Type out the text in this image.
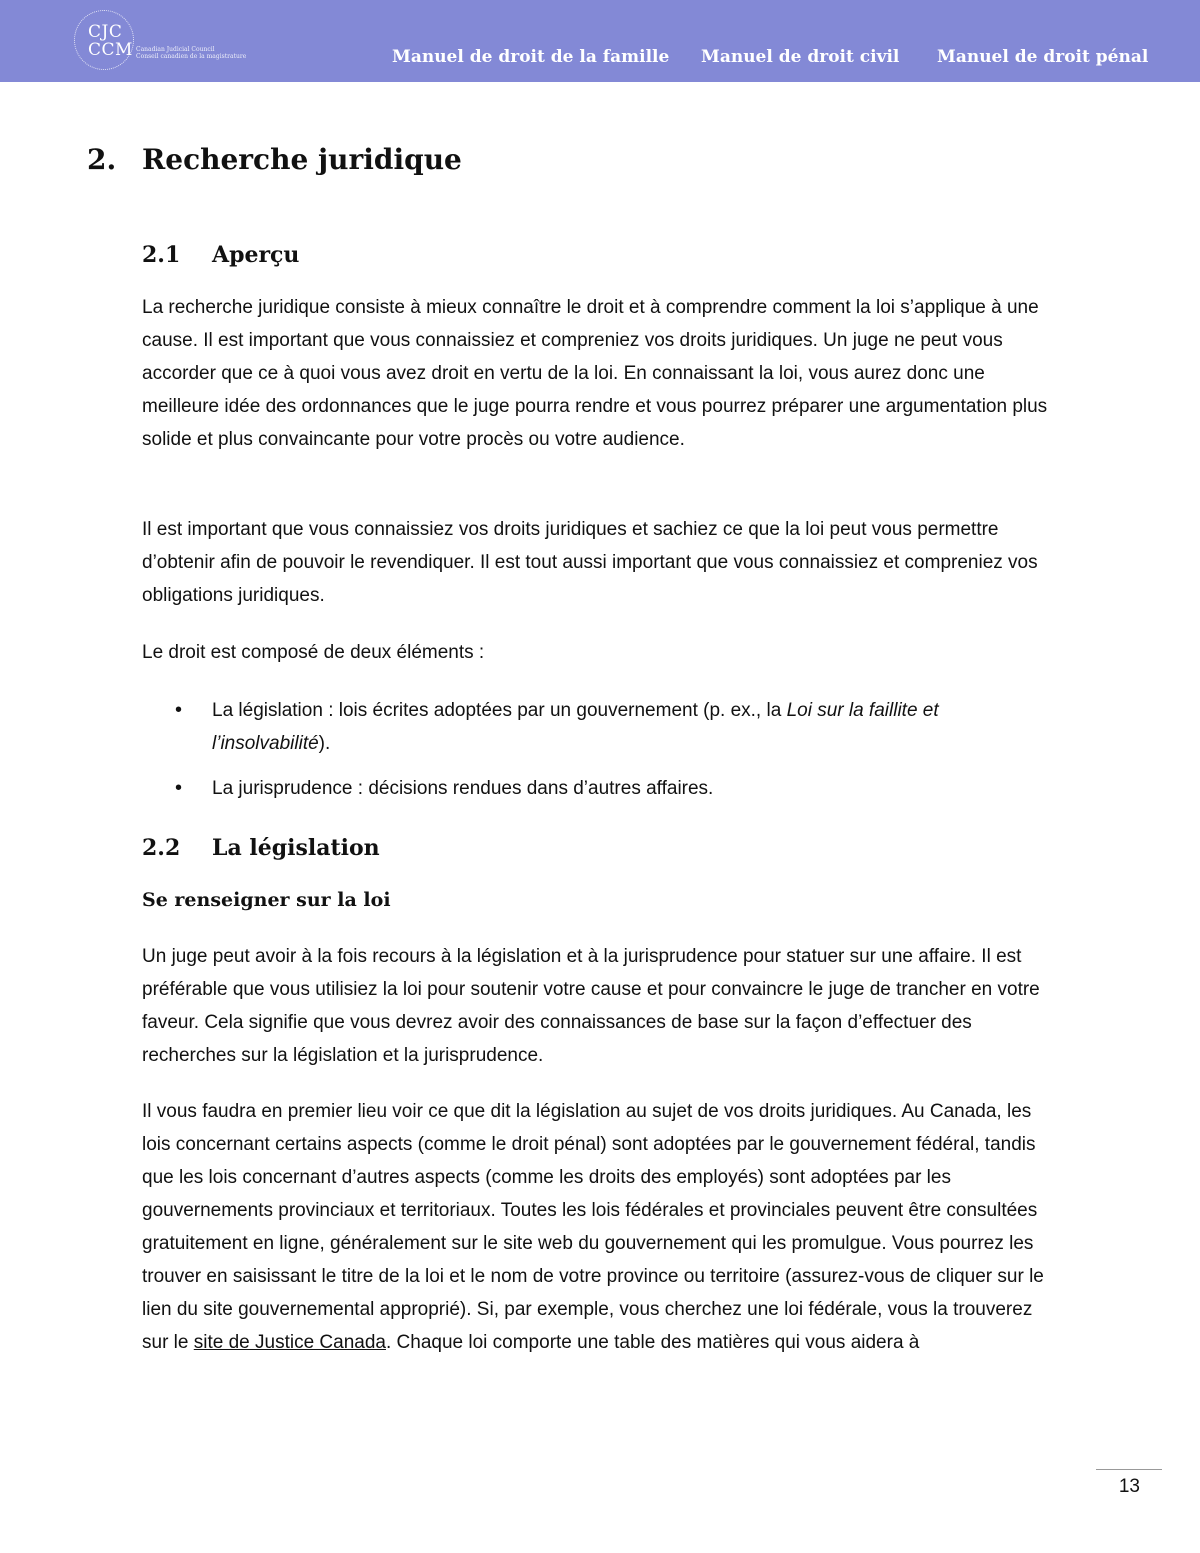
CJC
CCM Canadian Judicial Council
Conseil canadien de la magistrature	Manuel de droit de la famille Manuel de droit civil Manuel de droit pénal
2. Recherche juridique
2.1 Aperçu

La recherche juridique consiste à mieux connaître le droit et à comprendre comment la loi s’applique à une cause. Il est important que vous connaissiez et compreniez vos droits juridiques. Un juge ne peut vous accorder que ce à quoi vous avez droit en vertu de la loi. En connaissant la loi, vous aurez donc une meilleure idée des ordonnances que le juge pourra rendre et vous pourrez préparer une argumentation plus solide et plus convaincante pour votre procès ou votre audience.

Il est important que vous connaissiez vos droits juridiques et sachiez ce que la loi peut vous permettre d’obtenir afin de pouvoir le revendiquer. Il est tout aussi important que vous connaissiez et compreniez vos obligations juridiques.

Le droit est composé de deux éléments :

• La législation : lois écrites adoptées par un gouvernement (p. ex., la Loi sur la faillite et l’insolvabilité).
• La jurisprudence : décisions rendues dans d’autres affaires.
2.2 La législation
Se renseigner sur la loi

Un juge peut avoir à la fois recours à la législation et à la jurisprudence pour statuer sur une affaire. Il est préférable que vous utilisiez la loi pour soutenir votre cause et pour convaincre le juge de trancher en votre faveur. Cela signifie que vous devrez avoir des connaissances de base sur la façon d’effectuer des recherches sur la législation et la jurisprudence.

Il vous faudra en premier lieu voir ce que dit la législation au sujet de vos droits juridiques. Au Canada, les lois concernant certains aspects (comme le droit pénal) sont adoptées par le gouvernement fédéral, tandis que les lois concernant d’autres aspects (comme les droits des employés) sont adoptées par les gouvernements provinciaux et territoriaux. Toutes les lois fédérales et provinciales peuvent être consultées gratuitement en ligne, généralement sur le site web du gouvernement qui les promulgue. Vous pourrez les trouver en saisissant le titre de la loi et le nom de votre province ou territoire (assurez-vous de cliquer sur le lien du site gouvernemental approprié). Si, par exemple, vous cherchez une loi fédérale, vous la trouverez sur le site de Justice Canada. Chaque loi comporte une table des matières qui vous aidera à

13
